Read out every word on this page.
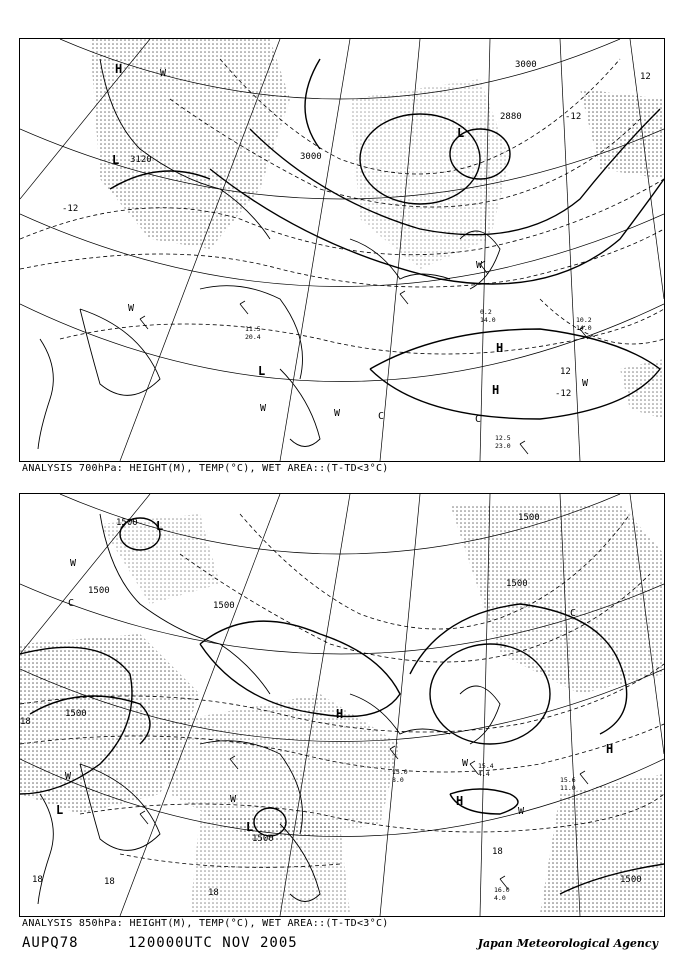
3000
3000
3120
2880
-12
-12
-12
12
12
L
L
L
H
H
H
W
W
W
W
W
W
C	C
10.2
14.0
12.5
23.0
0.2
14.0
11.5
20.4
ANALYSIS 700hPa: HEIGHT(M), TEMP(°C), WET AREA::(T-TD<3°C)
1500
1500
1500
1500
1500
1500
1500
1500
18
18	18
18
18
L
L
H
H
H
L
W
W
W
W
W
C
C
15.4
4.4
15.6
11.0
15.0
8.0
16.0
4.0
ANALYSIS 850hPa: HEIGHT(M), TEMP(°C), WET AREA::(T-TD<3°C)
AUPQ78	120000UTC NOV 2005	Japan Meteorological Agency
